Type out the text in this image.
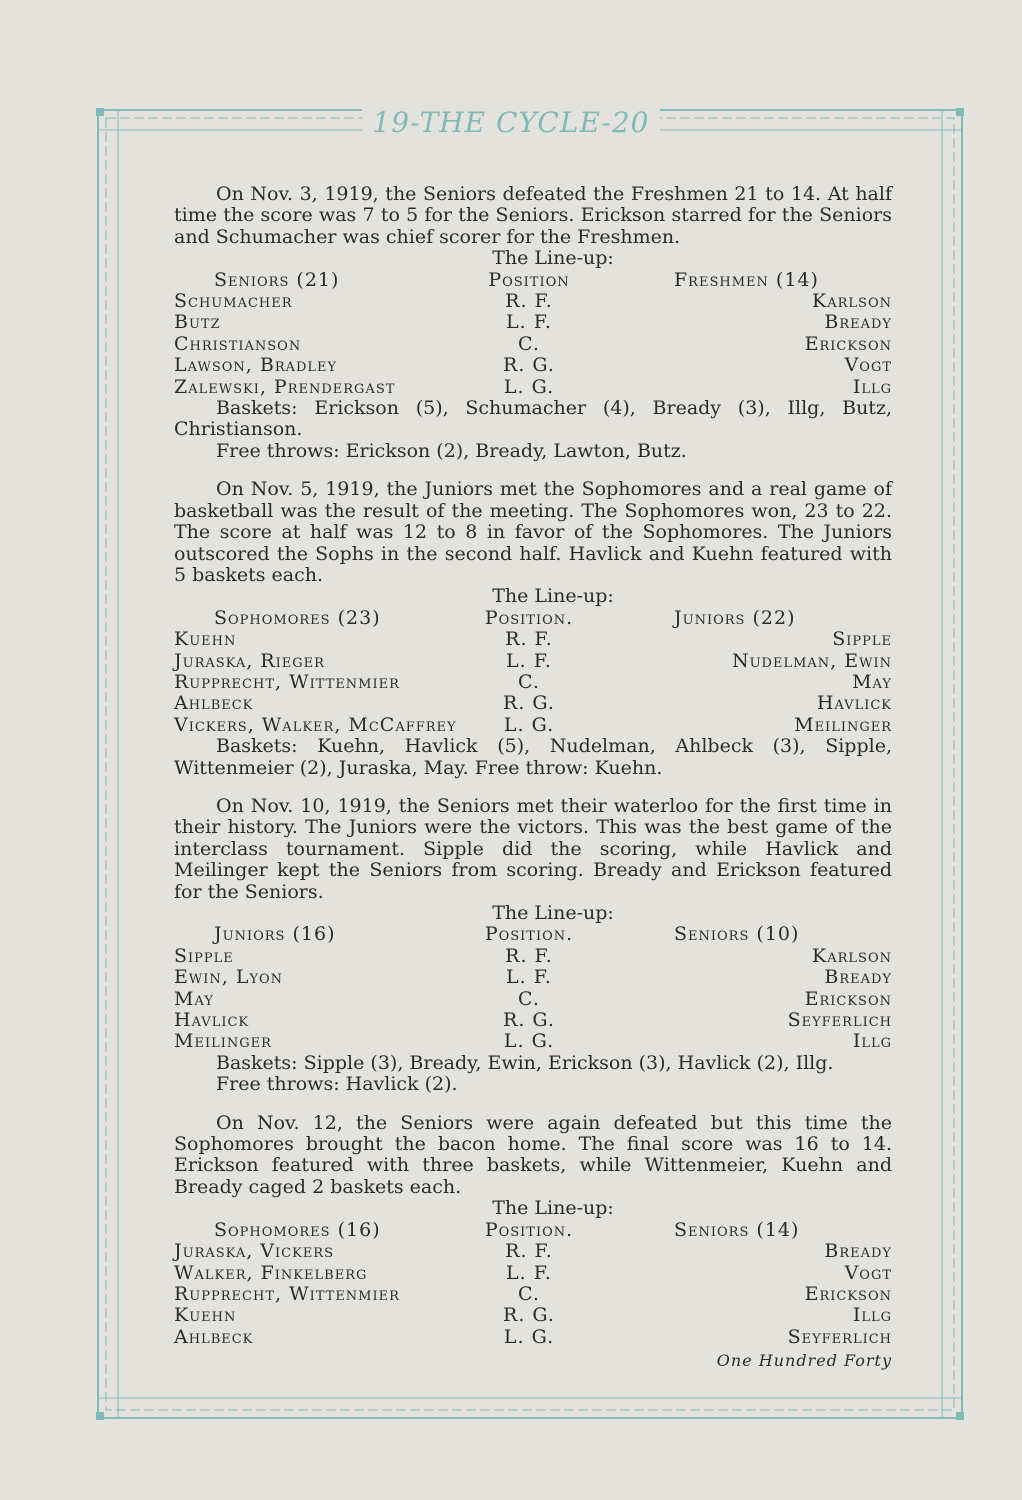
19-THE CYCLE-20

On Nov. 3, 1919, the Seniors defeated the Freshmen 21 to 14. At half time the score was 7 to 5 for the Seniors. Erickson starred for the Seniors and Schumacher was chief scorer for the Freshmen.

The Line-up:

Seniors (21)	Position	Freshmen (14)
Schumacher	R. F.	Karlson
Butz	L. F.	Bready
Christianson	C.	Erickson
Lawson, Bradley	R. G.	Vogt
Zalewski, Prendergast	L. G.	Illg

Baskets: Erickson (5), Schumacher (4), Bready (3), Illg, Butz, Christianson.

Free throws: Erickson (2), Bready, Lawton, Butz.

On Nov. 5, 1919, the Juniors met the Sophomores and a real game of basketball was the result of the meeting. The Sophomores won, 23 to 22. The score at half was 12 to 8 in favor of the Sophomores. The Juniors outscored the Sophs in the second half. Havlick and Kuehn featured with 5 baskets each.

The Line-up:

Sophomores (23)	Position.	Juniors (22)
Kuehn	R. F.	Sipple
Juraska, Rieger	L. F.	Nudelman, Ewin
Rupprecht, Wittenmier	C.	May
Ahlbeck	R. G.	Havlick
Vickers, Walker, McCaffrey	L. G.	Meilinger

Baskets: Kuehn, Havlick (5), Nudelman, Ahlbeck (3), Sipple, Wittenmeier (2), Juraska, May. Free throw: Kuehn.

On Nov. 10, 1919, the Seniors met their waterloo for the first time in their history. The Juniors were the victors. This was the best game of the interclass tournament. Sipple did the scoring, while Havlick and Meilinger kept the Seniors from scoring. Bready and Erickson featured for the Seniors.

The Line-up:

Juniors (16)	Position.	Seniors (10)
Sipple	R. F.	Karlson
Ewin, Lyon	L. F.	Bready
May	C.	Erickson
Havlick	R. G.	Seyferlich
Meilinger	L. G.	Illg

Baskets: Sipple (3), Bready, Ewin, Erickson (3), Havlick (2), Illg.

Free throws: Havlick (2).

On Nov. 12, the Seniors were again defeated but this time the Sophomores brought the bacon home. The final score was 16 to 14. Erickson featured with three baskets, while Wittenmeier, Kuehn and Bready caged 2 baskets each.

The Line-up:

Sophomores (16)	Position.	Seniors (14)
Juraska, Vickers	R. F.	Bready
Walker, Finkelberg	L. F.	Vogt
Rupprecht, Wittenmier	C.	Erickson
Kuehn	R. G.	Illg
Ahlbeck	L. G.	Seyferlich
One Hundred Forty
